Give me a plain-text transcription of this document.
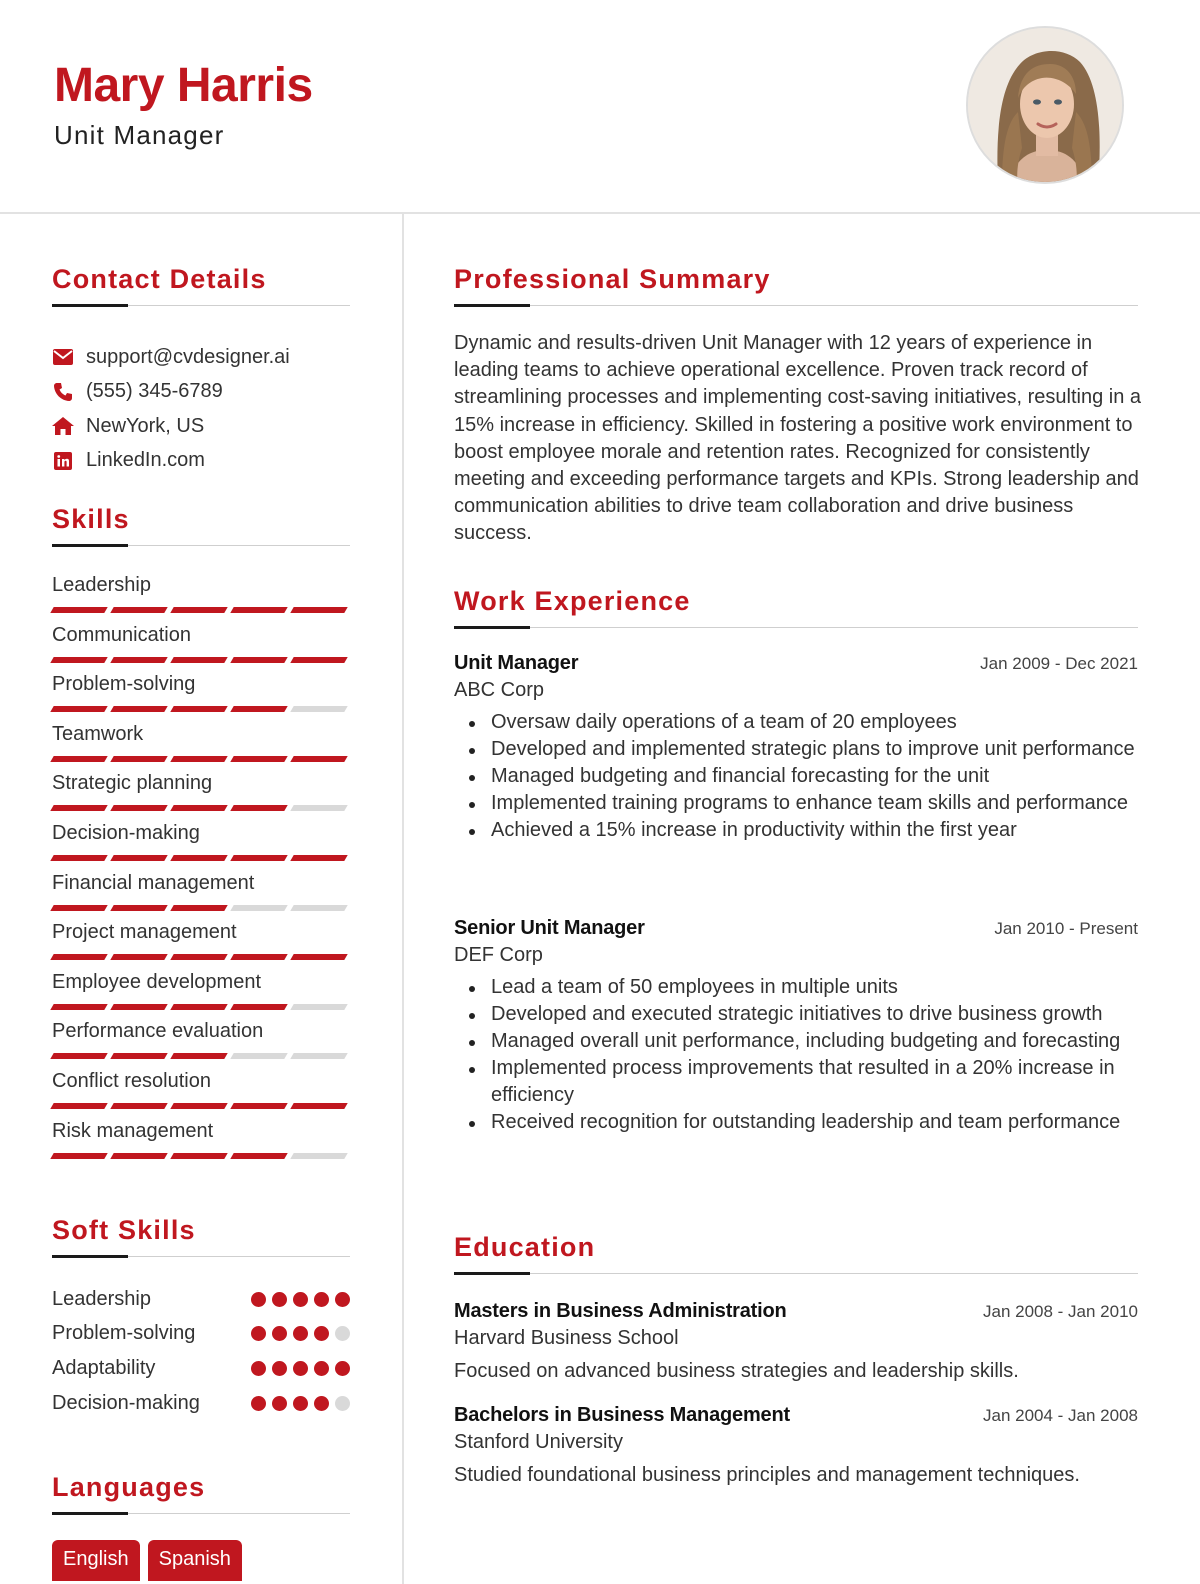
Mary Harris
Unit Manager
Contact Details
support@cvdesigner.ai
(555) 345-6789
NewYork, US
LinkedIn.com
Skills
Leadership
Communication
Problem-solving
Teamwork
Strategic planning
Decision-making
Financial management
Project management
Employee development
Performance evaluation
Conflict resolution
Risk management
Soft Skills
Leadership
Problem-solving
Adaptability
Decision-making
Languages
English	Spanish
Professional Summary
Dynamic and results-driven Unit Manager with 12 years of experience in leading teams to achieve operational excellence. Proven track record of streamlining processes and implementing cost-saving initiatives, resulting in a 15% increase in efficiency. Skilled in fostering a positive work environment to boost employee morale and retention rates. Recognized for consistently meeting and exceeding performance targets and KPIs. Strong leadership and communication abilities to drive team collaboration and drive business success.
Work Experience
Unit Manager	Jan 2009 - Dec 2021
ABC Corp
Oversaw daily operations of a team of 20 employees
Developed and implemented strategic plans to improve unit performance
Managed budgeting and financial forecasting for the unit
Implemented training programs to enhance team skills and performance
Achieved a 15% increase in productivity within the first year
Senior Unit Manager	Jan 2010 - Present
DEF Corp
Lead a team of 50 employees in multiple units
Developed and executed strategic initiatives to drive business growth
Managed overall unit performance, including budgeting and forecasting
Implemented process improvements that resulted in a 20% increase in efficiency
Received recognition for outstanding leadership and team performance
Education
Masters in Business Administration	Jan 2008 - Jan 2010
Harvard Business School
Focused on advanced business strategies and leadership skills.
Bachelors in Business Management	Jan 2004 - Jan 2008
Stanford University
Studied foundational business principles and management techniques.
